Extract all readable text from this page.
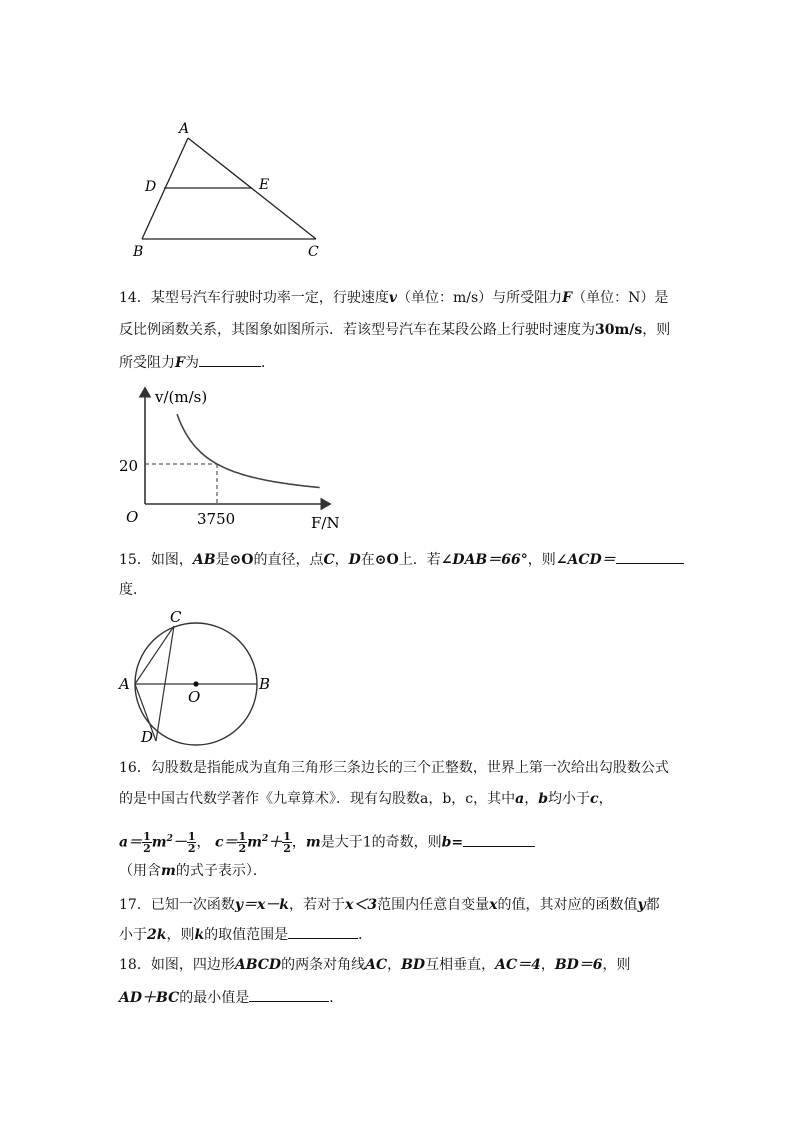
A
D	E
B	C
14．某型号汽车行驶时功率一定，行驶速度v（单位：m/s）与所受阻力F（单位：N）是
反比例函数关系，其图象如图所示．若该型号汽车在某段公路上行驶时速度为30m/s，则
所受阻力F为	．
v/(m/s)
F/N
O
20
3750
15．如图，AB是⊙O的直径，点C，D在⊙O上．若∠DAB＝66°，则∠ACD＝
度．
C
A
O
B
D
16．勾股数是指能成为直角三角形三条边长的三个正整数，世界上第一次给出勾股数公式
的是中国古代数学著作《九章算术》．现有勾股数a，b，c，其中a，b均小于c，
$a= \frac{1}{2} m^2- \frac{1}{2}$ ， $c= \frac{1}{2} m^2+ \frac{1}{2}$ ，m是大于1的奇数，则b=
（用含m的式子表示）．
17．已知一次函数y＝x－k，若对于x＜3范围内任意自变量x的值，其对应的函数值y都
小于2k，则k的取值范围是	．
18．如图，四边形ABCD的两条对角线AC，BD互相垂直，AC＝4，BD＝6，则
AD＋BC的最小值是	．
